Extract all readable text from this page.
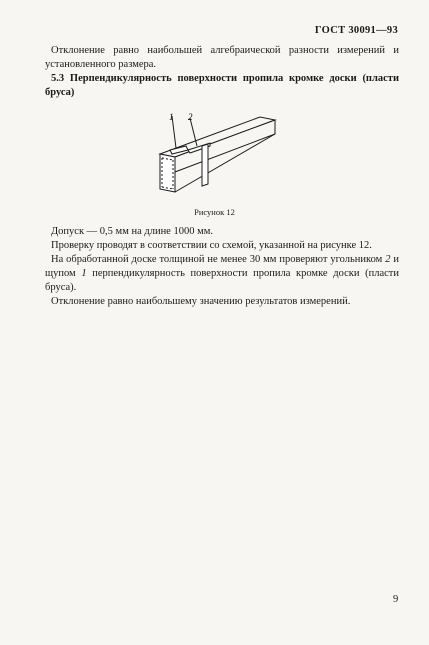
ГОСТ 30091—93

Отклонение равно наибольшей алгебраической разности измерений и установленного размера.

5.3 Перпендикулярность поверхности пропила кромке доски (пласти бруса)

1 2
Рисунок 12

Допуск — 0,5 мм на длине 1000 мм.

Проверку проводят в соответствии со схемой, указанной на рисунке 12.

На обработанной доске толщиной не менее 30 мм проверяют угольником 2 и щупом 1 перпендикулярность поверхности пропила кромке доски (пласти бруса).

Отклонение равно наибольшему значению результатов измерений.

9
